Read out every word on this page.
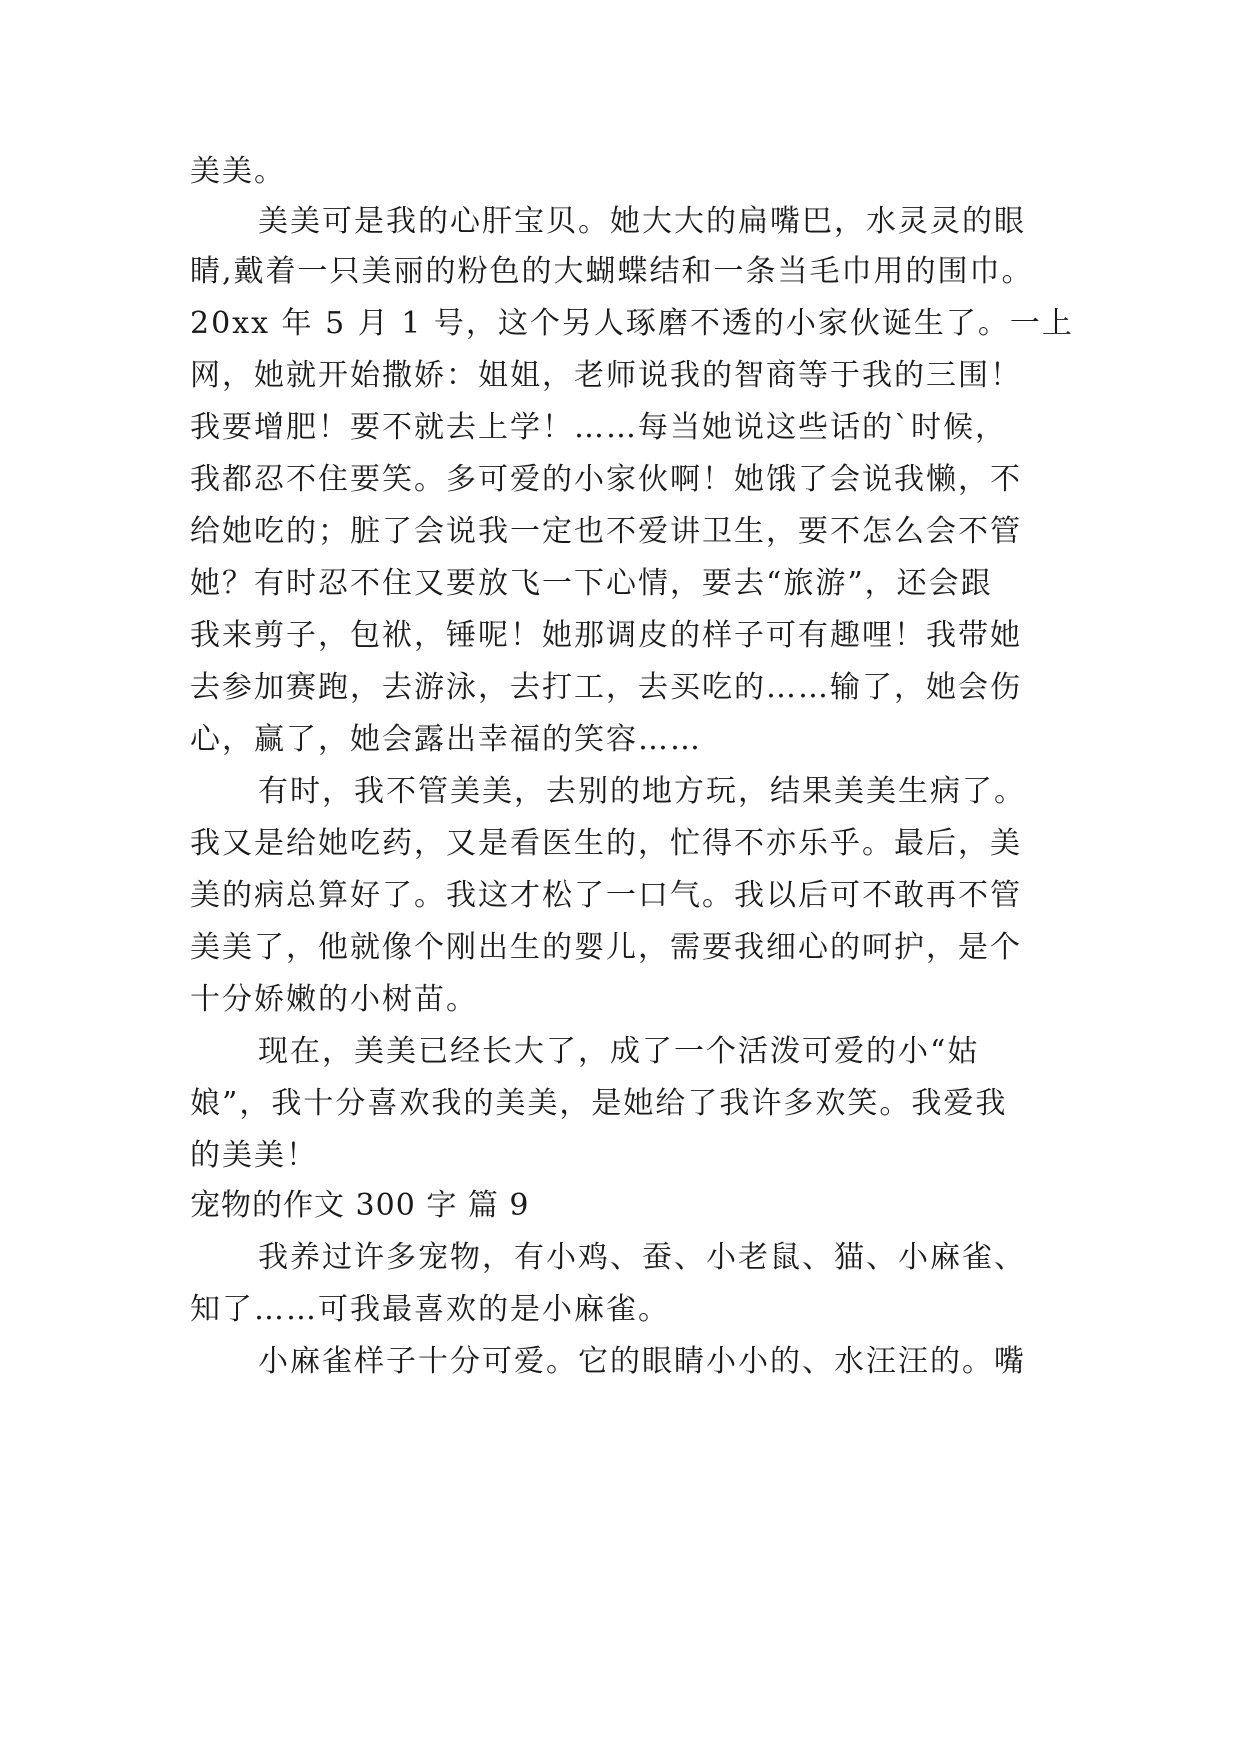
美美。
美美可是我的心肝宝贝。她大大的扁嘴巴，水灵灵的眼
睛,戴着一只美丽的粉色的大蝴蝶结和一条当毛巾用的围巾。
20xx 年 5 月 1 号，这个另人琢磨不透的小家伙诞生了。一上
网，她就开始撒娇：姐姐，老师说我的智商等于我的三围！
我要增肥！要不就去上学！……每当她说这些话的`时候，
我都忍不住要笑。多可爱的小家伙啊！她饿了会说我懒，不
给她吃的；脏了会说我一定也不爱讲卫生，要不怎么会不管
她？有时忍不住又要放飞一下心情，要去“旅游”，还会跟
我来剪子，包袱，锤呢！她那调皮的样子可有趣哩！我带她
去参加赛跑，去游泳，去打工，去买吃的……输了，她会伤
心，赢了，她会露出幸福的笑容……
有时，我不管美美，去别的地方玩，结果美美生病了。
我又是给她吃药，又是看医生的，忙得不亦乐乎。最后，美
美的病总算好了。我这才松了一口气。我以后可不敢再不管
美美了，他就像个刚出生的婴儿，需要我细心的呵护，是个
十分娇嫩的小树苗。
现在，美美已经长大了，成了一个活泼可爱的小“姑
娘”，我十分喜欢我的美美，是她给了我许多欢笑。我爱我
的美美！
宠物的作文 300 字 篇 9
我养过许多宠物，有小鸡、蚕、小老鼠、猫、小麻雀、
知了……可我最喜欢的是小麻雀。
小麻雀样子十分可爱。它的眼睛小小的、水汪汪的。嘴
